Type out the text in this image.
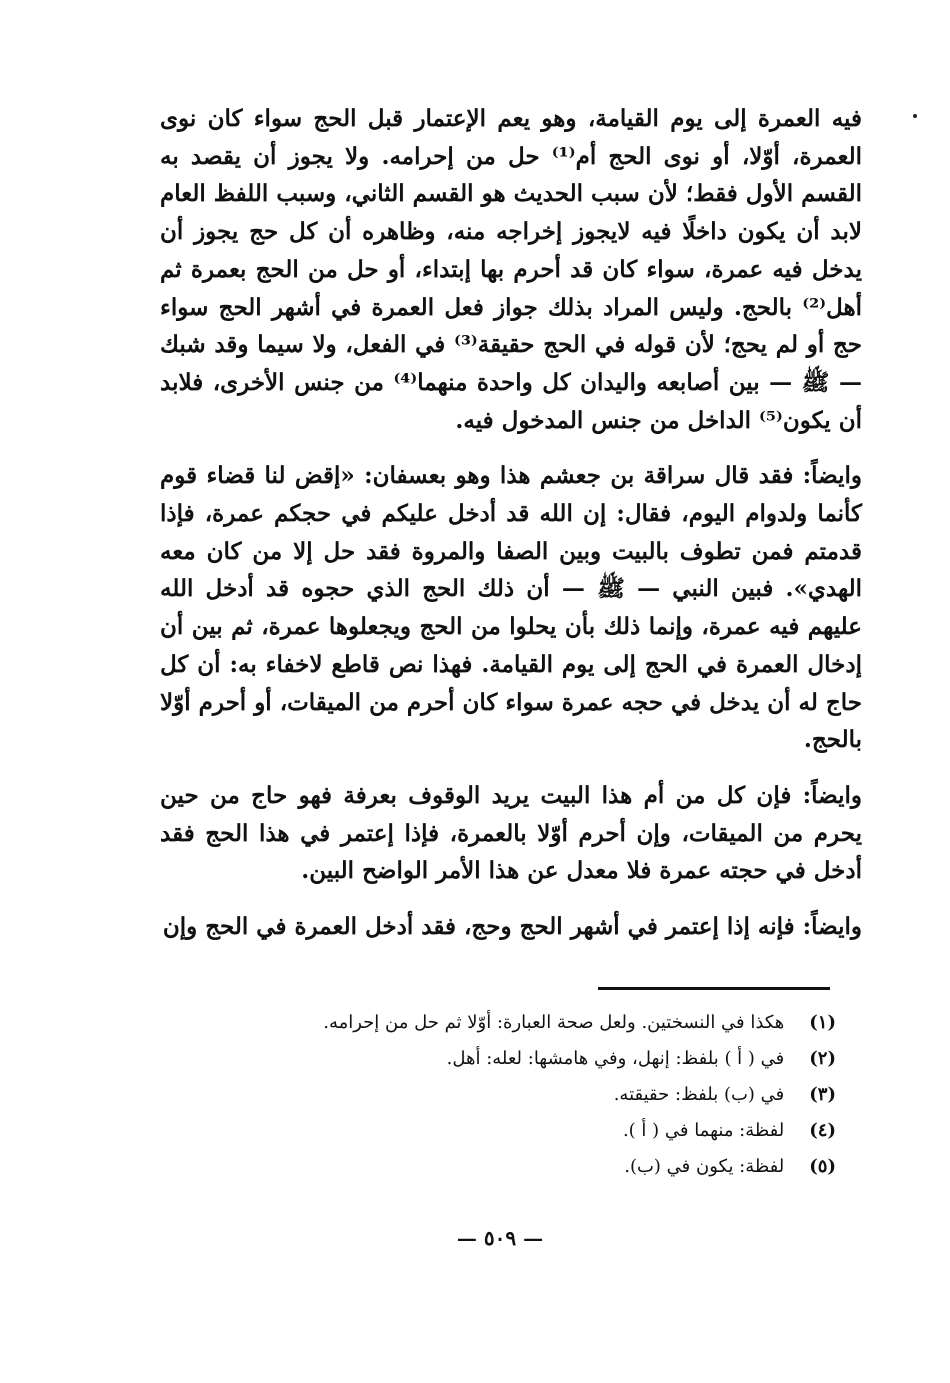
فيه العمرة إلى يوم القيامة، وهو يعم الإعتمار قبل الحج سواء كان نوى العمرة، أوّلا، أو نوى الحج أم⁽¹⁾ حل من إحرامه. ولا يجوز أن يقصد به القسم الأول فقط؛ لأن سبب الحديث هو القسم الثاني، وسبب اللفظ العام لابد أن يكون داخلًا فيه لايجوز إخراجه منه، وظاهره أن كل حج يجوز أن يدخل فيه عمرة، سواء كان قد أحرم بها إبتداء، أو حل من الحج بعمرة ثم أهل⁽²⁾ بالحج. وليس المراد بذلك جواز فعل العمرة في أشهر الحج سواء حج أو لم يحج؛ لأن قوله في الحج حقيقة⁽³⁾ في الفعل، ولا سيما وقد شبك — ﷺ — بين أصابعه واليدان كل واحدة منهما⁽⁴⁾ من جنس الأخرى، فلابد أن يكون⁽⁵⁾ الداخل من جنس المدخول فيه.

وايضاً: فقد قال سراقة بن جعشم هذا وهو بعسفان: «إقض لنا قضاء قوم كأنما ولدوام اليوم، فقال: إن الله قد أدخل عليكم في حجكم عمرة، فإذا قدمتم فمن تطوف بالبيت وبين الصفا والمروة فقد حل إلا من كان معه الهدي». فبين النبي — ﷺ — أن ذلك الحج الذي حجوه قد أدخل الله عليهم فيه عمرة، وإنما ذلك بأن يحلوا من الحج ويجعلوها عمرة، ثم بين أن إدخال العمرة في الحج إلى يوم القيامة. فهذا نص قاطع لاخفاء به: أن كل حاج له أن يدخل في حجه عمرة سواء كان أحرم من الميقات، أو أحرم أوّلا بالحج.

وايضاً: فإن كل من أم هذا البيت يريد الوقوف بعرفة فهو حاج من حين يحرم من الميقات، وإن أحرم أوّلا بالعمرة، فإذا إعتمر في هذا الحج فقد أدخل في حجته عمرة فلا معدل عن هذا الأمر الواضح البين.

وايضاً: فإنه إذا إعتمر في أشهر الحج وحج، فقد أدخل العمرة في الحج وإن

(١) هكذا في النسختين. ولعل صحة العبارة: أوّلا ثم حل من إحرامه.
(٢) في ( أ ) بلفظ: إنهل، وفي هامشها: لعله: أهل.
(٣) في (ب) بلفظ: حقيقته.
(٤) لفظة: منهما في ( أ ).
(٥) لفظة: يكون في (ب).
— ٥٠٩ —
